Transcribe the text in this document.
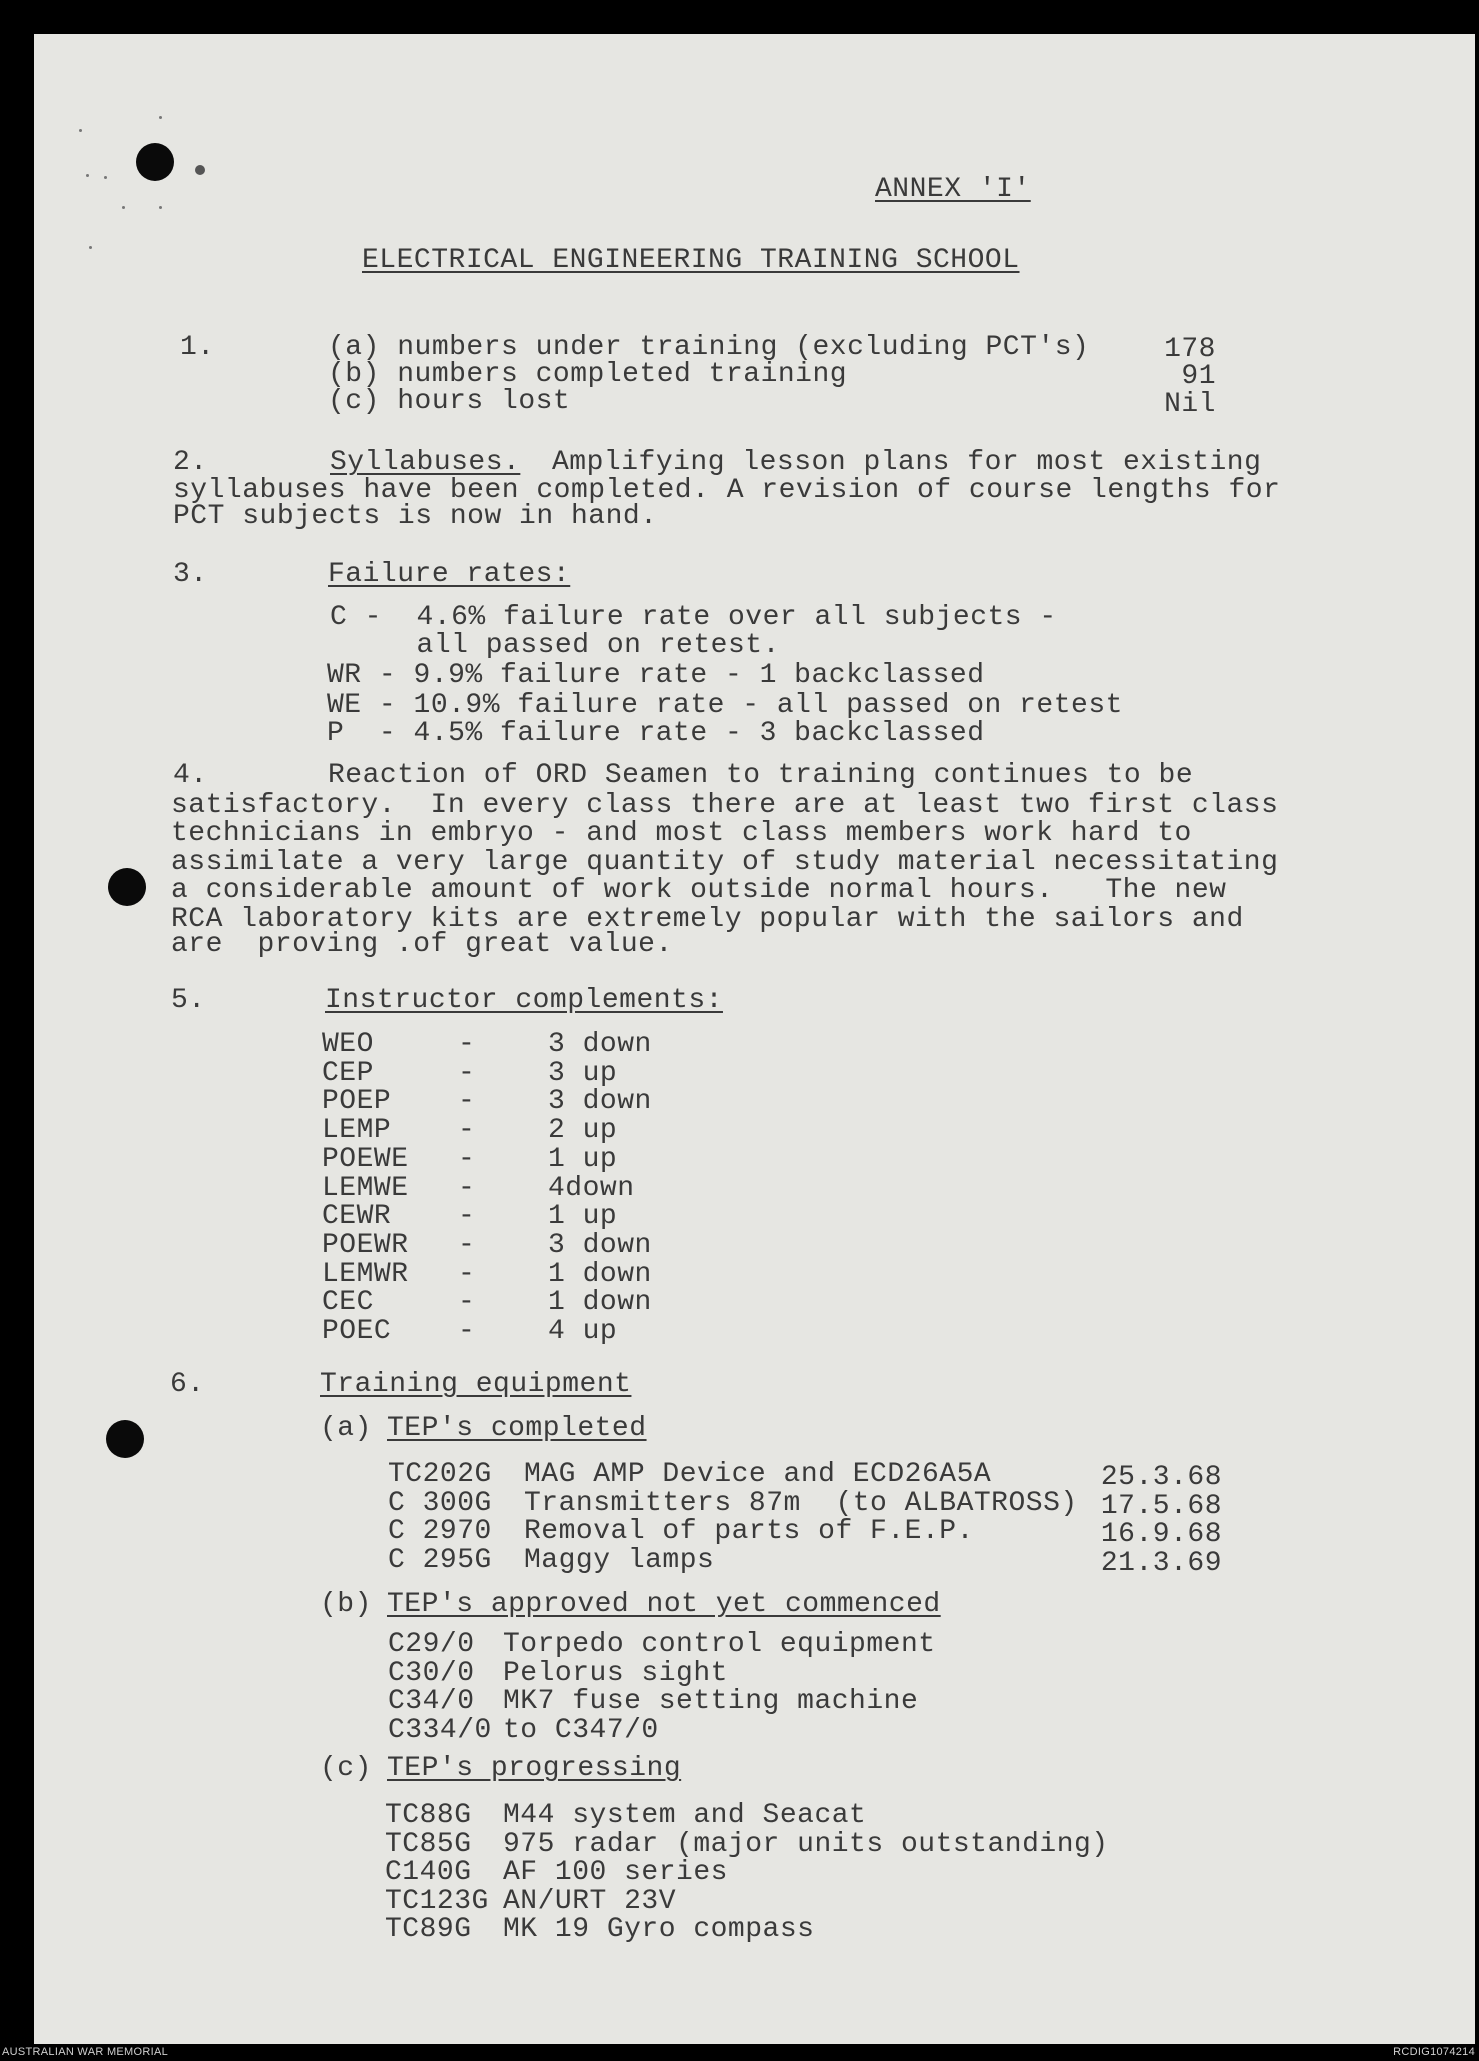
ANNEX 'I'
ELECTRICAL ENGINEERING TRAINING SCHOOL
1.	(a) numbers under training (excluding PCT's)	178
(b) numbers completed training	91
(c) hours lost	Nil
2.	Syllabuses. Amplifying lesson plans for most existing
syllabuses have been completed. A revision of course lengths for
PCT subjects is now in hand.
3.	Failure rates:
C -  4.6% failure rate over all subjects -
all passed on retest.
WR - 9.9% failure rate - 1 backclassed
WE - 10.9% failure rate - all passed on retest
P  - 4.5% failure rate - 3 backclassed
4.	Reaction of ORD Seamen to training continues to be
satisfactory.  In every class there are at least two first class
technicians in embryo - and most class members work hard to
assimilate a very large quantity of study material necessitating
a considerable amount of work outside normal hours.   The new
RCA laboratory kits are extremely popular with the sailors and
are  proving .of great value.
5.	Instructor complements:
WEO	-	3 down
CEP	-	3 up
POEP -	3 down
LEMP -	2 up
POEWE -	1 up
LEMWE -	4down
CEWR -	1 up
POEWR -	3 down
LEMWR -	1 down
CEC	-	1 down
POEC -	4 up
6.	Training equipment
(a) TEP's completed
TC202G MAG AMP Device and ECD26A5A	25.3.68
C 300G Transmitters 87m  (to ALBATROSS) 17.5.68
C 2970 Removal of parts of F.E.P.	16.9.68
C 295G Maggy lamps	21.3.69
(b) TEP's approved not yet commenced
C29/0 Torpedo control equipment
C30/0 Pelorus sight
C34/0 MK7 fuse setting machine
C334/0 to C347/0
(c) TEP's progressing
TC88G M44 system and Seacat
TC85G 975 radar (major units outstanding)
C140G AF 100 series
TC123G AN/URT 23V
TC89G MK 19 Gyro compass
AUSTRALIAN WAR MEMORIAL	RCDIG1074214
